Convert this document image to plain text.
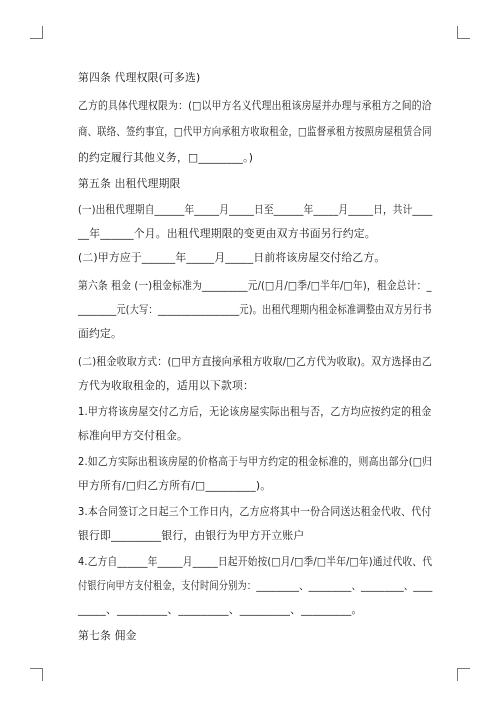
第四条 代理权限(可多选)
乙方的具体代理权限为：(□以甲方名义代理出租该房屋并办理与承租方之间的洽
商、联络、签约事宜，□代甲方向承租方收取租金，□监督承租方按照房屋租赁合同
的约定履行其他义务，□________。)
第五条 出租代理期限
(一)出租代理期自______年_____月_____日至______年_____月_____日，共计____
__年______个月。出租代理期限的变更由双方书面另行约定。
(二)甲方应于______年_____月_____日前将该房屋交付给乙方。
第六条 租金 (一)租金标准为_________元/(□月/□季/□半年/□年)，租金总计：_
________元(大写：_________________元)。出租代理期内租金标准调整由双方另行书
面约定。
(二)租金收取方式：(□甲方直接向承租方收取/□乙方代为收取)。双方选择由乙
方代为收取租金的，适用以下款项：
1.甲方将该房屋交付乙方后，无论该房屋实际出租与否，乙方均应按约定的租金
标准向甲方交付租金。
2.如乙方实际出租该房屋的价格高于与甲方约定的租金标准的，则高出部分(□归
甲方所有/□归乙方所有/□_________)。
3.本合同签订之日起三个工作日内，乙方应将其中一份合同送达租金代收、代付
银行即_________银行，由银行为甲方开立账户
4.乙方自______年_____月_____日起开始按(□月/□季/□半年/□年)通过代收、代
付银行向甲方支付租金，支付时间分别为：_________、_________、_________、____
_____、_________、_________、_________、_________。
第七条 佣金
